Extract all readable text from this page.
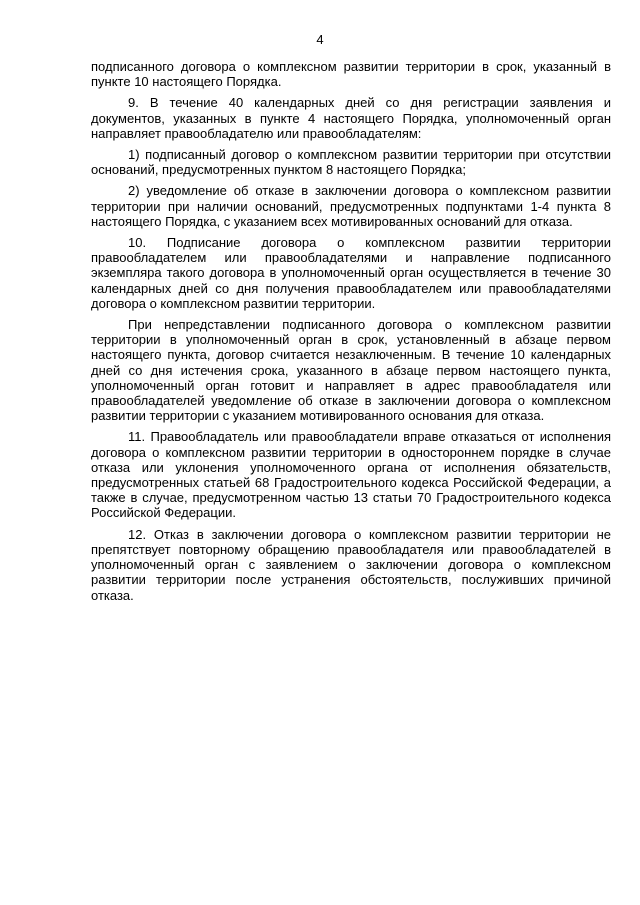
4

подписанного договора о комплексном развитии территории в срок, указанный в пункте 10 настоящего Порядка.

9. В течение 40 календарных дней со дня регистрации заявления и документов, указанных в пункте 4 настоящего Порядка, уполномоченный орган направляет правообладателю или правообладателям:

1) подписанный договор о комплексном развитии территории при отсутствии оснований, предусмотренных пунктом 8 настоящего Порядка;

2) уведомление об отказе в заключении договора о комплексном развитии территории при наличии оснований, предусмотренных подпунктами 1-4 пункта 8 настоящего Порядка, с указанием всех мотивированных оснований для отказа.

10. Подписание договора о комплексном развитии территории правообладателем или правообладателями и направление подписанного экземпляра такого договора в уполномоченный орган осуществляется в течение 30 календарных дней со дня получения правообладателем или правообладателями договора о комплексном развитии территории.

При непредставлении подписанного договора о комплексном развитии территории в уполномоченный орган в срок, установленный в абзаце первом настоящего пункта, договор считается незаключенным. В течение 10 календарных дней со дня истечения срока, указанного в абзаце первом настоящего пункта, уполномоченный орган готовит и направляет в адрес правообладателя или правообладателей уведомление об отказе в заключении договора о комплексном развитии территории с указанием мотивированного основания для отказа.

11. Правообладатель или правообладатели вправе отказаться от исполнения договора о комплексном развитии территории в одностороннем порядке в случае отказа или уклонения уполномоченного органа от исполнения обязательств, предусмотренных статьей 68 Градостроительного кодекса Российской Федерации, а также в случае, предусмотренном частью 13 статьи 70 Градостроительного кодекса Российской Федерации.

12. Отказ в заключении договора о комплексном развитии территории не препятствует повторному обращению правообладателя или правообладателей в уполномоченный орган с заявлением о заключении договора о комплексном развитии территории после устранения обстоятельств, послуживших причиной отказа.
